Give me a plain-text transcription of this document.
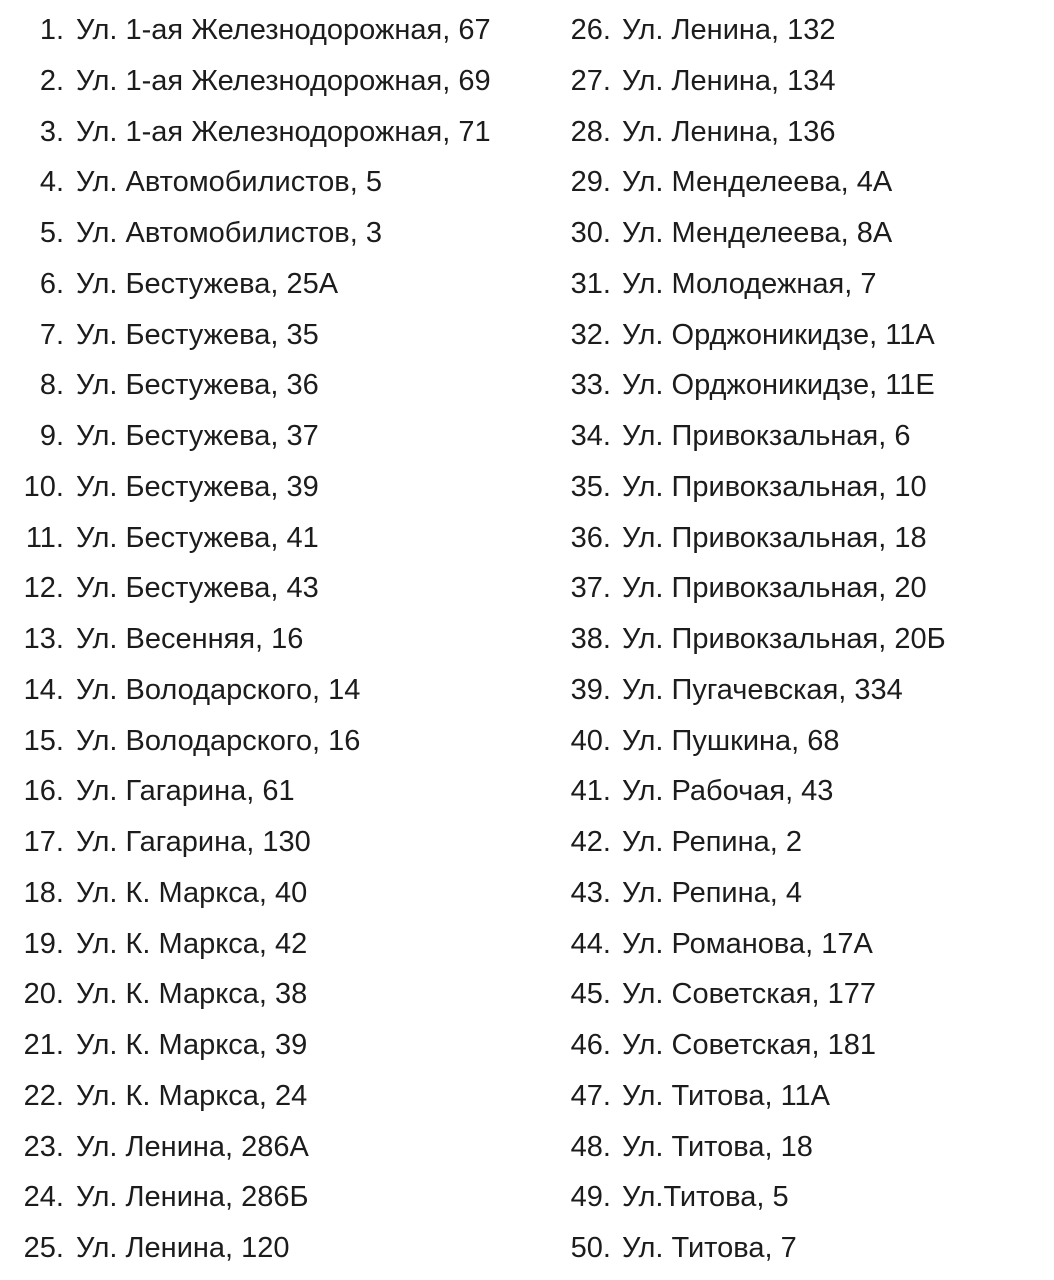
1. Ул. 1-ая Железнодорожная, 67
2. Ул. 1-ая Железнодорожная, 69
3. Ул. 1-ая Железнодорожная, 71
4. Ул. Автомобилистов, 5
5. Ул. Автомобилистов, 3
6. Ул. Бестужева, 25А
7. Ул. Бестужева, 35
8. Ул. Бестужева, 36
9. Ул. Бестужева, 37
10. Ул. Бестужева, 39
11. Ул. Бестужева, 41
12. Ул. Бестужева, 43
13. Ул. Весенняя, 16
14. Ул. Володарского, 14
15. Ул. Володарского, 16
16. Ул. Гагарина, 61
17. Ул. Гагарина, 130
18. Ул. К. Маркса, 40
19. Ул. К. Маркса, 42
20. Ул. К. Маркса, 38
21. Ул. К. Маркса, 39
22. Ул. К. Маркса, 24
23. Ул. Ленина, 286А
24. Ул. Ленина, 286Б
25. Ул. Ленина, 120
26. Ул. Ленина, 132
27. Ул. Ленина, 134
28. Ул. Ленина, 136
29. Ул. Менделеева, 4А
30. Ул. Менделеева, 8А
31. Ул. Молодежная, 7
32. Ул. Орджоникидзе, 11А
33. Ул. Орджоникидзе, 11Е
34. Ул. Привокзальная, 6
35. Ул. Привокзальная, 10
36. Ул. Привокзальная, 18
37. Ул. Привокзальная, 20
38. Ул. Привокзальная, 20Б
39. Ул. Пугачевская, 334
40. Ул. Пушкина, 68
41. Ул. Рабочая, 43
42. Ул. Репина, 2
43. Ул. Репина, 4
44. Ул. Романова, 17А
45. Ул. Советская, 177
46. Ул. Советская, 181
47. Ул. Титова, 11А
48. Ул. Титова, 18
49. Ул.Титова, 5
50. Ул. Титова, 7
